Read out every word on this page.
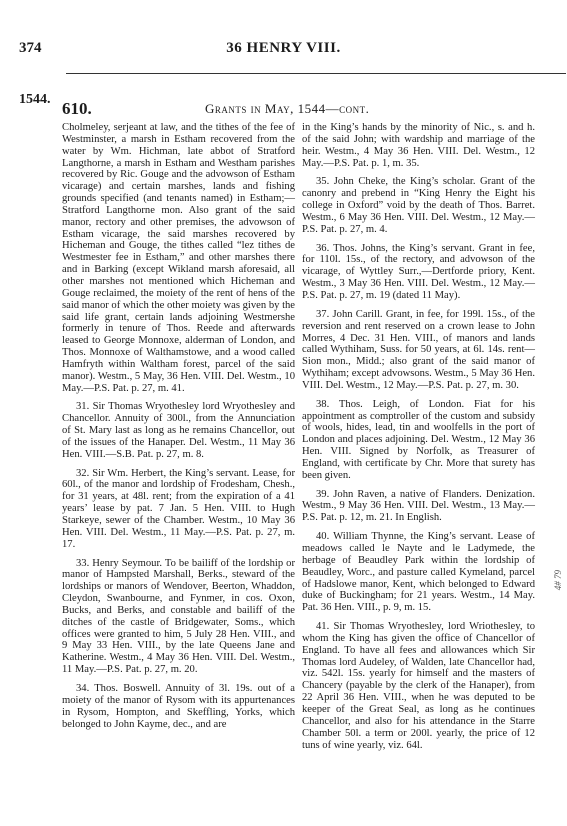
374	36 HENRY VIII.
1544. 610.	Grants in May, 1544—cont.

Cholmeley, serjeant at law, and the tithes of the fee of Westminster, a marsh in Estham recovered from the water by Wm. Hichman, late abbot of Stratford Langthorne, a marsh in Estham and Westham parishes recovered by Ric. Gouge and the advowson of Estham vicarage) and certain marshes, lands and fishing grounds specified (and tenants named) in Estham;—Stratford Langthorne mon. Also grant of the said manor, rectory and other premises, the advowson of Estham vicarage, the said marshes recovered by Hicheman and Gouge, the tithes called “lez tithes de Westmester fee in Estham,” and other marshes there and in Barking (except Wikland marsh aforesaid, all other marshes not mentioned which Hicheman and Gouge reclaimed, the moiety of the rent of hens of the said manor of which the other moiety was given by the said life grant, certain lands adjoining Westmershe formerly in tenure of Thos. Reede and afterwards leased to George Monnoxe, alderman of London, and Thos. Monnoxe of Walthamstowe, and a wood called Hamfryth within Waltham forest, parcel of the said manor). Westm., 5 May, 36 Hen. VIII. Del. Westm., 10 May.—P.S. Pat. p. 27, m. 41.

31. Sir Thomas Wryothesley lord Wryothesley and Chancellor. Annuity of 300l., from the Annunciation of St. Mary last as long as he remains Chancellor, out of the issues of the Hanaper. Del. Westm., 11 May 36 Hen. VIII.—S.B. Pat. p. 27, m. 8.

32. Sir Wm. Herbert, the King’s servant. Lease, for 60l., of the manor and lordship of Frodesham, Chesh., for 31 years, at 48l. rent; from the expiration of a 41 years’ lease by pat. 7 Jan. 5 Hen. VIII. to Hugh Starkeye, sewer of the Chamber. Westm., 10 May 36 Hen. VIII. Del. Westm., 11 May.—P.S. Pat. p. 27, m. 17.

33. Henry Seymour. To be bailiff of the lordship or manor of Hampsted Marshall, Berks., steward of the lordships or manors of Wendover, Beerton, Whaddon, Cleydon, Swanbourne, and Fynmer, in cos. Oxon, Bucks, and Berks, and constable and bailiff of the ditches of the castle of Bridgewater, Soms., which offices were granted to him, 5 July 28 Hen. VIII., and 9 May 33 Hen. VIII., by the late Queens Jane and Katherine. Westm., 4 May 36 Hen. VIII. Del. Westm., 11 May.—P.S. Pat. p. 27, m. 20.

34. Thos. Boswell. Annuity of 3l. 19s. out of a moiety of the manor of Rysom with its appurtenances in Rysom, Hompton, and Skeffling, Yorks, which belonged to John Kayme, dec., and are

in the King’s hands by the minority of Nic., s. and h. of the said John; with wardship and marriage of the heir. Westm., 4 May 36 Hen. VIII. Del. Westm., 12 May.—P.S. Pat. p. 1, m. 35.

35. John Cheke, the King’s scholar. Grant of the canonry and prebend in “King Henry the Eight his college in Oxford” void by the death of Thos. Barret. Westm., 6 May 36 Hen. VIII. Del. Westm., 12 May.—P.S. Pat. p. 27, m. 4.

36. Thos. Johns, the King’s servant. Grant in fee, for 110l. 15s., of the rectory, and advowson of the vicarage, of Wyttley Surr.,—Dertforde priory, Kent. Westm., 3 May 36 Hen. VIII. Del. Westm., 12 May.—P.S. Pat. p. 27, m. 19 (dated 11 May).

37. John Carill. Grant, in fee, for 199l. 15s., of the reversion and rent reserved on a crown lease to John Morres, 4 Dec. 31 Hen. VIII., of manors and lands called Wythiham, Suss. for 50 years, at 6l. 14s. rent—Sion mon., Midd.; also grant of the said manor of Wythiham; except advowsons. Westm., 5 May 36 Hen. VIII. Del. Westm., 12 May.—P.S. Pat. p. 27, m. 30.

38. Thos. Leigh, of London. Fiat for his appointment as comptroller of the custom and subsidy of wools, hides, lead, tin and woolfells in the port of London and places adjoining. Del. Westm., 12 May 36 Hen. VIII. Signed by Norfolk, as Treasurer of England, with certificate by Chr. More that surety has been given.

39. John Raven, a native of Flanders. Denization. Westm., 9 May 36 Hen. VIII. Del. Westm., 13 May.—P.S. Pat. p. 12, m. 21. In English.

40. William Thynne, the King’s servant. Lease of meadows called le Nayte and le Ladymede, the herbage of Beaudley Park within the lordship of Beaudley, Worc., and pasture called Kymeland, parcel of Hadslowe manor, Kent, which belonged to Edward duke of Buckingham; for 21 years. Westm., 14 May. Pat. 36 Hen. VIII., p. 9, m. 15.

41. Sir Thomas Wryothesley, lord Wriothesley, to whom the King has given the office of Chancellor of England. To have all fees and allowances which Sir Thomas lord Audeley, of Walden, late Chancellor had, viz. 542l. 15s. yearly for himself and the masters of Chancery (payable by the clerk of the Hanaper), from 22 April 36 Hen. VIII., when he was deputed to be keeper of the Great Seal, as long as he continues Chancellor, and also for his attendance in the Starre Chamber 50l. a term or 200l. yearly, the price of 12 tuns of wine yearly, viz. 64l.

4# 79
